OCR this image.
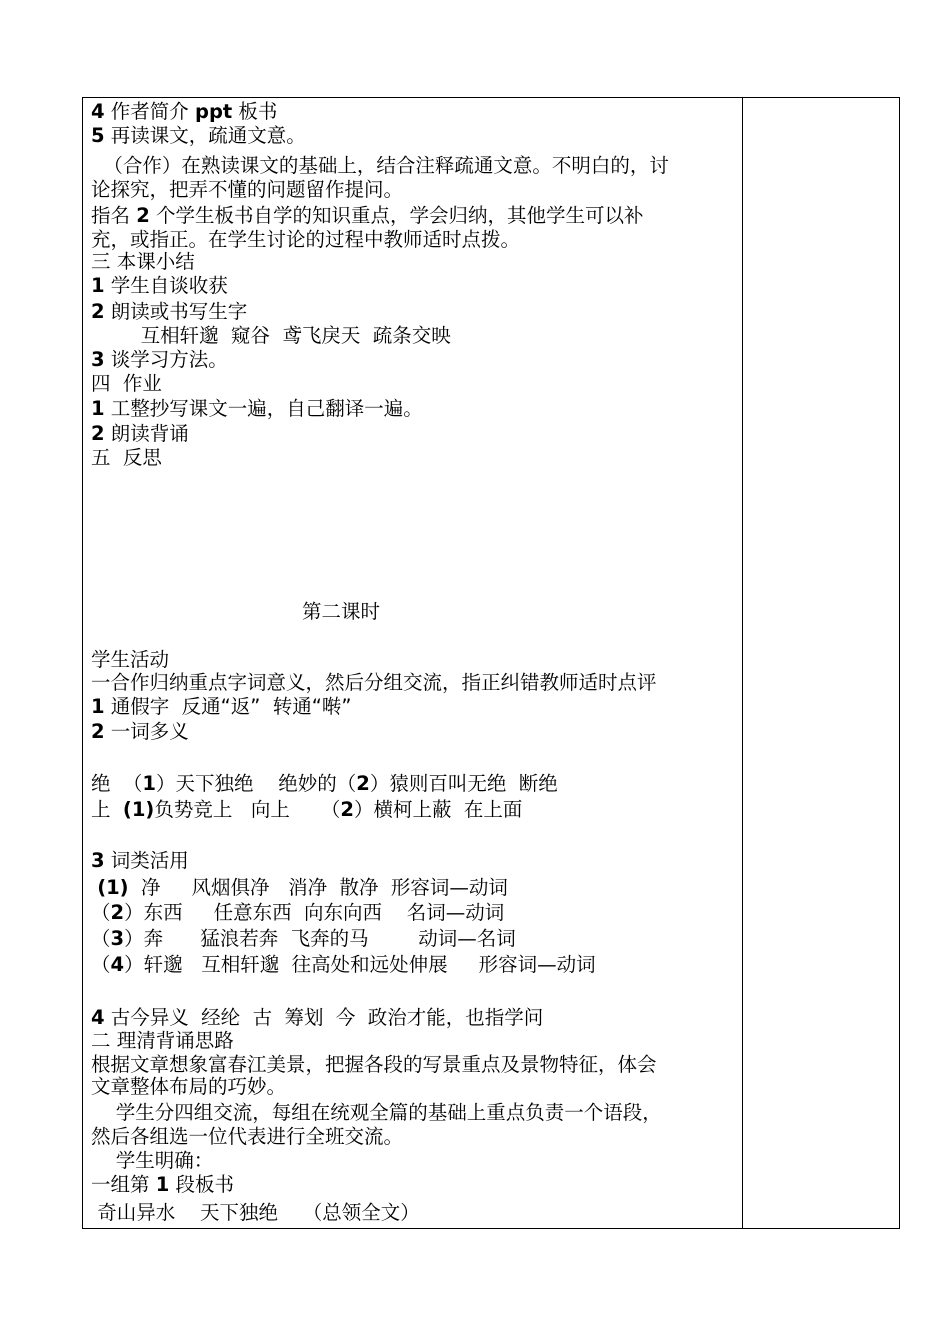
4 作者简介 ppt 板书
5 再读课文，疏通文意。
（合作）在熟读课文的基础上，结合注释疏通文意。不明白的，讨
论探究，把弄不懂的问题留作提问。
指名 2 个学生板书自学的知识重点，学会归纳，其他学生可以补
充，或指正。在学生讨论的过程中教师适时点拨。
三 本课小结
1 学生自谈收获
2 朗读或书写生字
互相轩邈  窥谷  鸢飞戾天  疏条交映
3 谈学习方法。
四  作业
1 工整抄写课文一遍，自己翻译一遍。
2 朗读背诵
五  反思
第二课时
学生活动
一合作归纳重点字词意义，然后分组交流，指正纠错教师适时点评
1 通假字  反通“返”  转通“啭”
2 一词多义
绝  （1）天下独绝    绝妙的（2）猿则百叫无绝  断绝
上  (1)负势竞上   向上     （2）横柯上蔽  在上面
3 词类活用
(1)  净     风烟俱净   消净  散净  形容词—动词
（2）东西     任意东西  向东向西    名词—动词
（3）奔      猛浪若奔  飞奔的马        动词—名词
（4）轩邈   互相轩邈  往高处和远处伸展     形容词—动词
4 古今异义  经纶  古  筹划  今  政治才能，也指学问
二 理清背诵思路
根据文章想象富春江美景，把握各段的写景重点及景物特征，体会
文章整体布局的巧妙。
学生分四组交流，每组在统观全篇的基础上重点负责一个语段，
然后各组选一位代表进行全班交流。
学生明确：
一组第 1 段板书
奇山异水    天下独绝    （总领全文）
